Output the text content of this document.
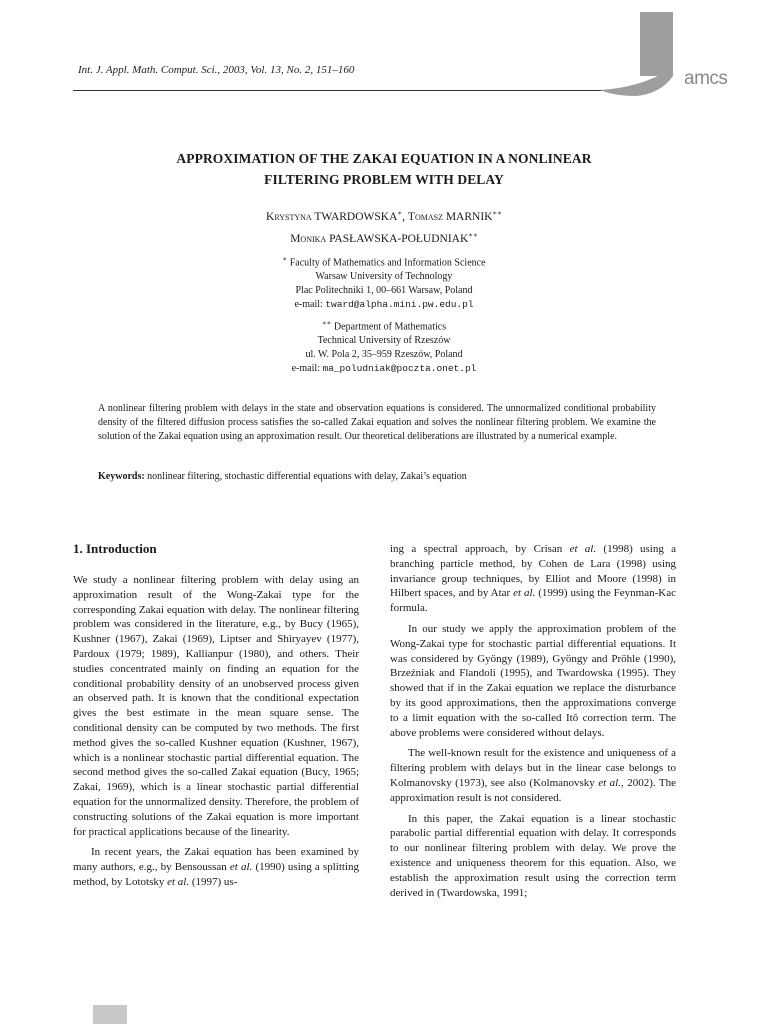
Int. J. Appl. Math. Comput. Sci., 2003, Vol. 13, No. 2, 151–160	amcs
APPROXIMATION OF THE ZAKAI EQUATION IN A NONLINEAR
FILTERING PROBLEM WITH DELAY
Krystyna TWARDOWSKA∗, Tomasz MARNIK∗∗
Monika PASŁAWSKA-POŁUDNIAK∗∗
∗ Faculty of Mathematics and Information Science
Warsaw University of Technology
Plac Politechniki 1, 00–661 Warsaw, Poland
e-mail: tward@alpha.mini.pw.edu.pl
∗∗ Department of Mathematics
Technical University of Rzeszów
ul. W. Pola 2, 35–959 Rzeszów, Poland
e-mail: ma_poludniak@poczta.onet.pl
A nonlinear filtering problem with delays in the state and observation equations is considered. The unnormalized conditional probability density of the filtered diffusion process satisfies the so-called Zakai equation and solves the nonlinear filtering problem. We examine the solution of the Zakai equation using an approximation result. Our theoretical deliberations are illustrated by a numerical example.
Keywords: nonlinear filtering, stochastic differential equations with delay, Zakai’s equation
1. Introduction

We study a nonlinear filtering problem with delay using an approximation result of the Wong-Zakai type for the corresponding Zakai equation with delay. The nonlinear filtering problem was considered in the literature, e.g., by Bucy (1965), Kushner (1967), Zakai (1969), Liptser and Shiryayev (1977), Pardoux (1979; 1989), Kallianpur (1980), and others. Their studies concentrated mainly on finding an equation for the conditional probability density of an unobserved process given an observed path. It is known that the conditional expectation gives the best estimate in the mean square sense. The conditional density can be computed by two methods. The first method gives the so-called Kushner equation (Kushner, 1967), which is a nonlinear stochastic partial differential equation. The second method gives the so-called Zakai equation (Bucy, 1965; Zakai, 1969), which is a linear stochastic partial differential equation for the unnormalized density. Therefore, the problem of constructing solutions of the Zakai equation is more important for practical applications because of the linearity.

In recent years, the Zakai equation has been examined by many authors, e.g., by Bensoussan et al. (1990) using a splitting method, by Lototsky et al. (1997) us-

ing a spectral approach, by Crisan et al. (1998) using a branching particle method, by Cohen de Lara (1998) using invariance group techniques, by Elliot and Moore (1998) in Hilbert spaces, and by Atar et al. (1999) using the Feynman-Kac formula.

In our study we apply the approximation problem of the Wong-Zakai type for stochastic partial differential equations. It was considered by Gyöngy (1989), Gyöngy and Pröhle (1990), Brzeźniak and Flandoli (1995), and Twardowska (1995). They showed that if in the Zakai equation we replace the disturbance by its good approximations, then the approximations converge to a limit equation with the so-called Itô correction term. The above problems were considered without delays.

The well-known result for the existence and uniqueness of a filtering problem with delays but in the linear case belongs to Kolmanovsky (1973), see also (Kolmanovsky et al., 2002). The approximation result is not considered.

In this paper, the Zakai equation is a linear stochastic parabolic partial differential equation with delay. It corresponds to our nonlinear filtering problem with delay. We prove the existence and uniqueness theorem for this equation. Also, we establish the approximation result using the correction term derived in (Twardowska, 1991;
